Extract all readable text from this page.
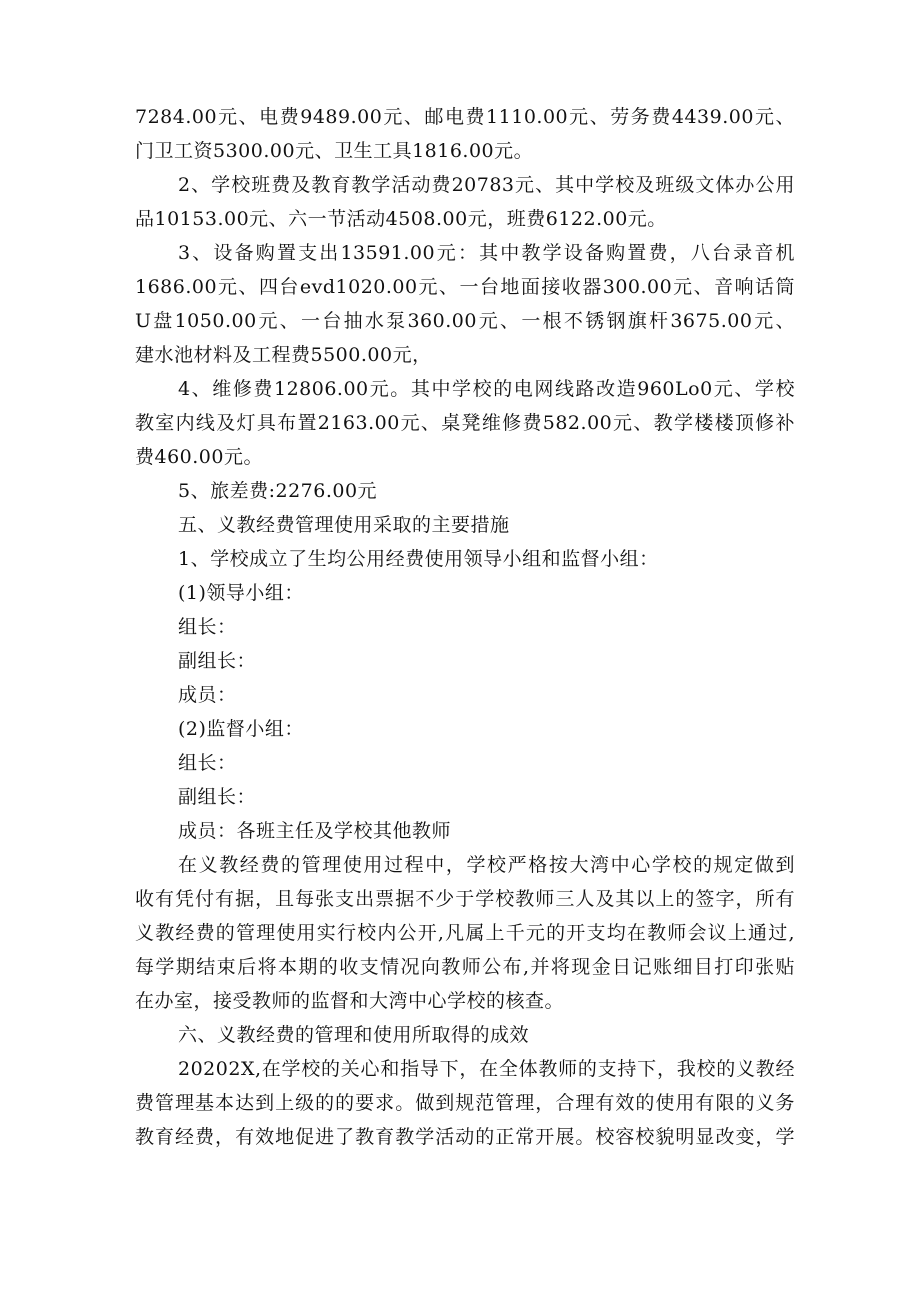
7284.00元、电费9489.00元、邮电费1110.00元、劳务费4439.00元、
门卫工资5300.00元、卫生工具1816.00元。
2、学校班费及教育教学活动费20783元、其中学校及班级文体办公用
品10153.00元、六一节活动4508.00元，班费6122.00元。
3、设备购置支出13591.00元：其中教学设备购置费，八台录音机
1686.00元、四台evd1020.00元、一台地面接收器300.00元、音响话筒
U盘1050.00元、一台抽水泵360.00元、一根不锈钢旗杆3675.00元、
建水池材料及工程费5500.00元，
4、维修费12806.00元。其中学校的电网线路改造960Lo0元、学校
教室内线及灯具布置2163.00元、桌凳维修费582.00元、教学楼楼顶修补
费460.00元。
5、旅差费:2276.00元
五、义教经费管理使用采取的主要措施
1、学校成立了生均公用经费使用领导小组和监督小组：
(1)领导小组：
组长：
副组长：
成员：
(2)监督小组：
组长：
副组长：
成员：各班主任及学校其他教师
在义教经费的管理使用过程中，学校严格按大湾中心学校的规定做到
收有凭付有据，且每张支出票据不少于学校教师三人及其以上的签字，所有
义教经费的管理使用实行校内公开,凡属上千元的开支均在教师会议上通过,
每学期结束后将本期的收支情况向教师公布,并将现金日记账细目打印张贴
在办室，接受教师的监督和大湾中心学校的核查。
六、义教经费的管理和使用所取得的成效
20202X,在学校的关心和指导下，在全体教师的支持下，我校的义教经
费管理基本达到上级的的要求。做到规范管理，合理有效的使用有限的义务
教育经费，有效地促进了教育教学活动的正常开展。校容校貌明显改变，学
